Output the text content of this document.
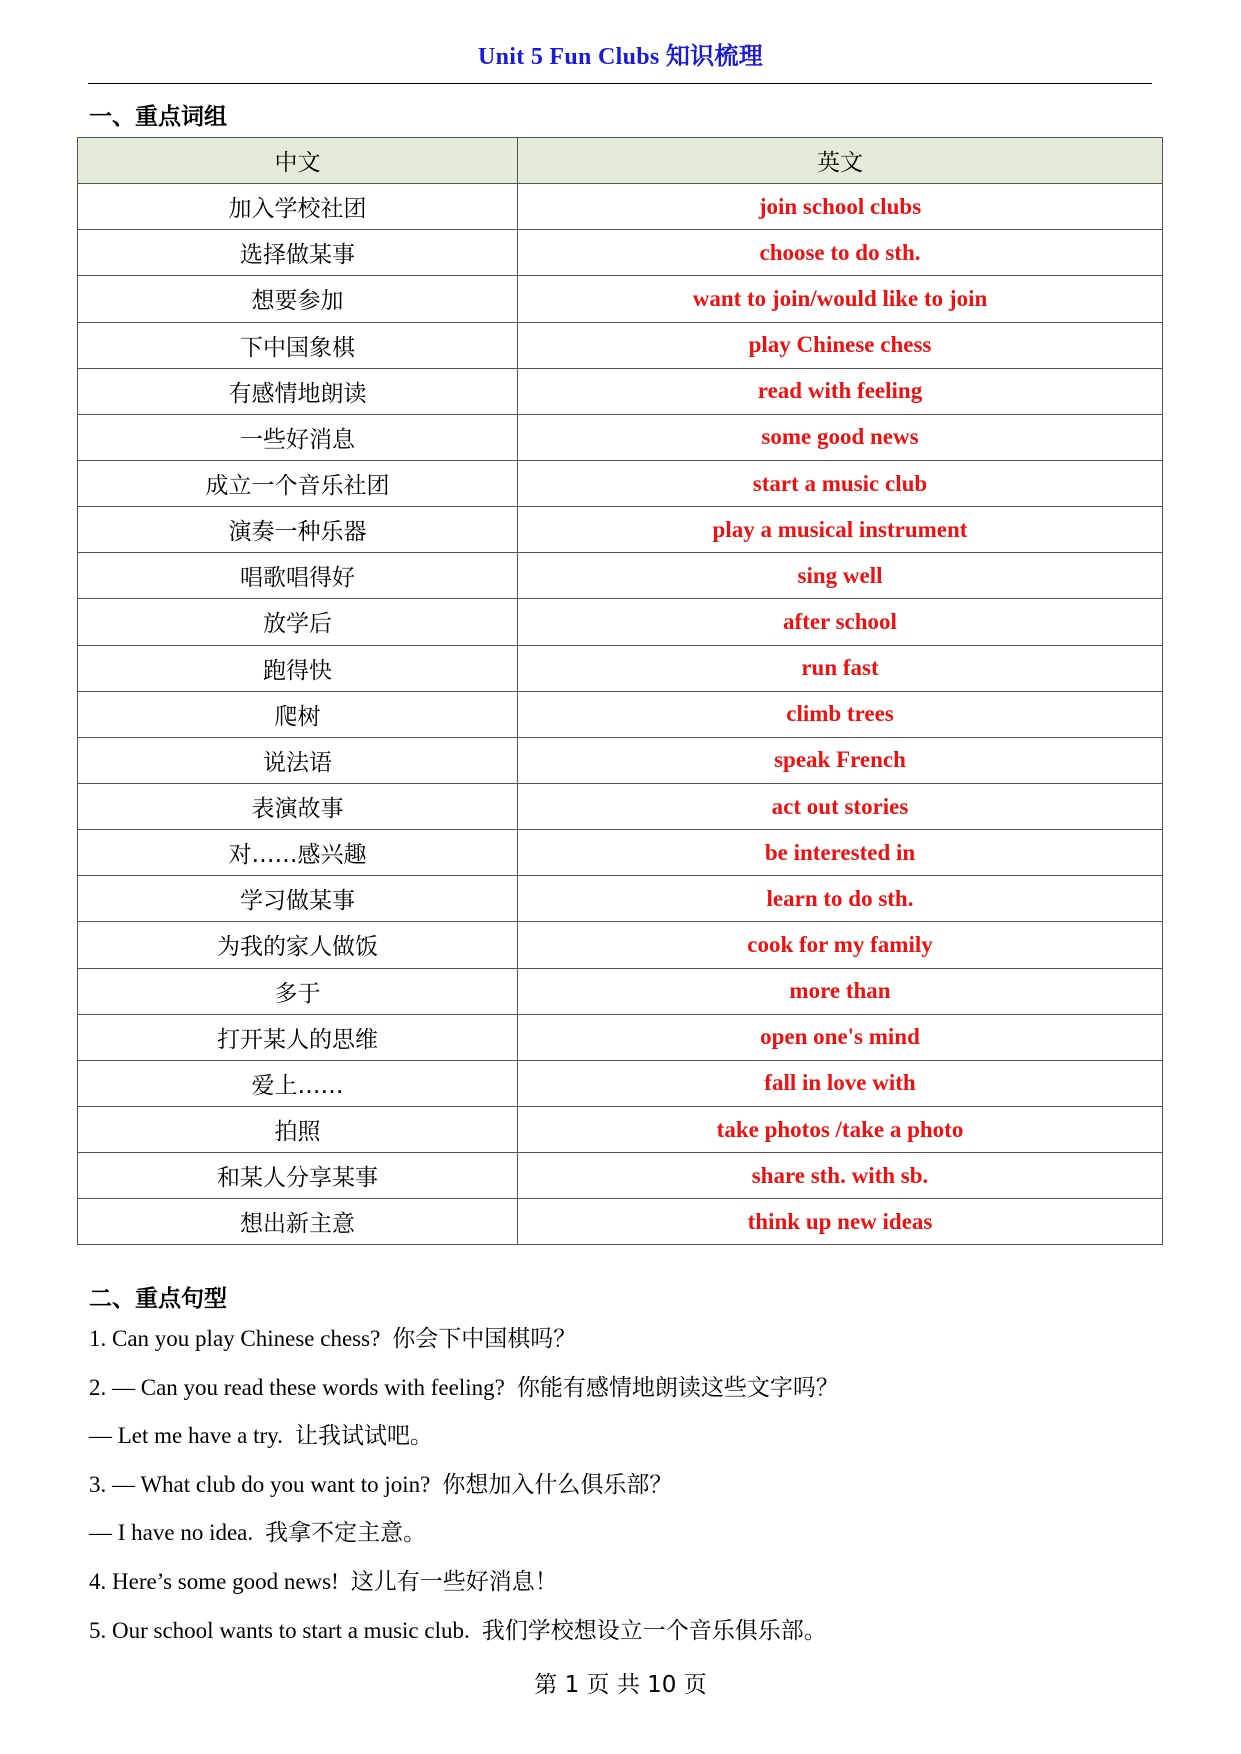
Unit 5 Fun Clubs 知识梳理
一、重点词组
中文	英文
加入学校社团	join school clubs
选择做某事	choose to do sth.
想要参加	want to join/would like to join
下中国象棋	play Chinese chess
有感情地朗读	read with feeling
一些好消息	some good news
成立一个音乐社团	start a music club
演奏一种乐器	play a musical instrument
唱歌唱得好	sing well
放学后	after school
跑得快	run fast
爬树	climb trees
说法语	speak French
表演故事	act out stories
对……感兴趣	be interested in
学习做某事	learn to do sth.
为我的家人做饭	cook for my family
多于	more than
打开某人的思维	open one's mind
爱上……	fall in love with
拍照	take photos /take a photo
和某人分享某事	share sth. with sb.
想出新主意	think up new ideas
二、重点句型
1. Can you play Chinese chess? 你会下中国棋吗？
2. — Can you read these words with feeling? 你能有感情地朗读这些文字吗？
— Let me have a try. 让我试试吧。
3. — What club do you want to join? 你想加入什么俱乐部？
— I have no idea. 我拿不定主意。
4. Here’s some good news! 这儿有一些好消息！
5. Our school wants to start a music club. 我们学校想设立一个音乐俱乐部。
第 1 页 共 10 页
